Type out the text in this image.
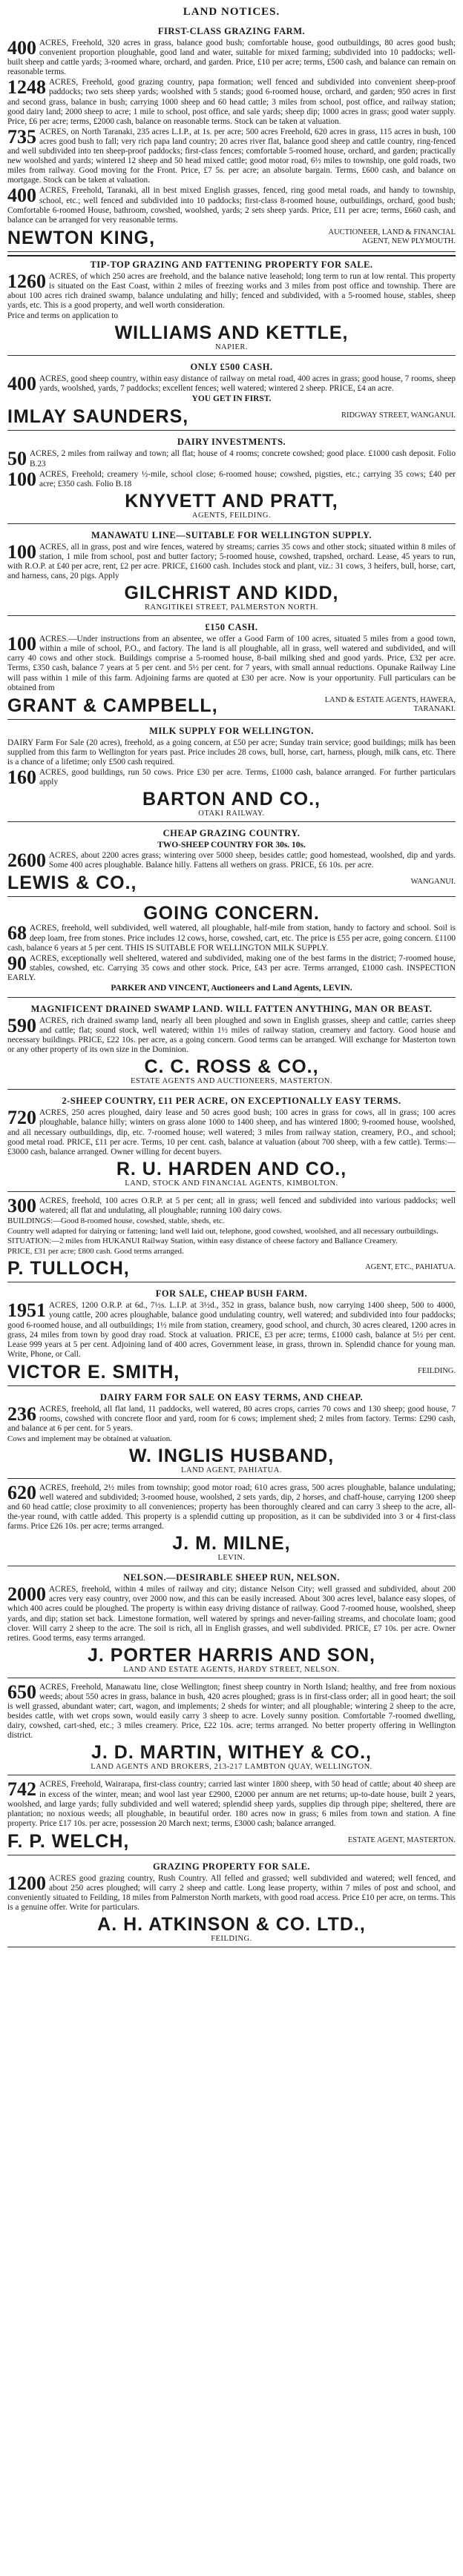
LAND NOTICES.
FIRST-CLASS GRAZING FARM.
400 ACRES, Freehold, 320 acres in grass, balance good bush; comfortable house, good outbuildings, 80 acres good bush; convenient proportion ploughable, good land and water, suitable for mixed farming; subdivided into 10 paddocks; well-built sheep and cattle yards; 3-roomed whare, orchard, and garden. Price, £10 per acre; terms, £500 cash, and balance can remain on reasonable terms.
1248 ACRES, Freehold, good grazing country, papa formation; well fenced and subdivided into convenient sheep-proof paddocks; two sets sheep yards; woolshed with 5 stands; good 6-roomed house, orchard, and garden; 950 acres in first and second grass, balance in bush; carrying 1000 sheep and 60 head cattle; 3 miles from school, post office, and railway station; good dairy land; 2000 sheep to acre; 1 mile to school, post office, and sale yards; sheep dip; 1000 acres in grass; good water supply. Price, £6 per acre; terms, £2000 cash, balance on reasonable terms. Stock can be taken at valuation.
735 ACRES, on North Taranaki, 235 acres L.I.P., at 1s. per acre; 500 acres Freehold, 620 acres in grass, 115 acres in bush, 100 acres good bush to fall; very rich papa land country; 20 acres river flat, balance good sheep and cattle country, ring-fenced and well subdivided into ten sheep-proof paddocks; first-class fences; comfortable 5-roomed house, orchard, and garden; practically new woolshed and yards; wintered 12 sheep and 50 head mixed cattle; good motor road, 6½ miles to township, one gold roads, two miles from railway. Good moving for the Front. Price, £7 5s. per acre; an absolute bargain. Terms, £600 cash, and balance on mortgage. Stock can be taken at valuation.
400 ACRES, Freehold, Taranaki, all in best mixed English grasses, fenced, ring good metal roads, and handy to township, school, etc.; well fenced and subdivided into 10 paddocks; first-class 8-roomed house, outbuildings, orchard, good bush; Comfortable 6-roomed House, bathroom, cowshed, woolshed, yards; 2 sets sheep yards. Price, £11 per acre; terms, £660 cash, and balance can be arranged for very reasonable terms.
NEWTON KING,	AUCTIONEER, LAND & FINANCIAL AGENT, NEW PLYMOUTH.
TIP-TOP GRAZING AND FATTENING PROPERTY FOR SALE.
1260 ACRES, of which 250 acres are freehold, and the balance native leasehold; long term to run at low rental. This property is situated on the East Coast, within 2 miles of freezing works and 3 miles from post office and township. There are about 100 acres rich drained swamp, balance undulating and hilly; fenced and subdivided, with a 5-roomed house, stables, sheep yards, etc. This is a good property, and well worth consideration.
Price and terms on application to
WILLIAMS AND KETTLE,
NAPIER.
ONLY £500 CASH.
400 ACRES, good sheep country, within easy distance of railway on metal road, 400 acres in grass; good house, 7 rooms, sheep yards, woolshed, yards, 7 paddocks; excellent fences; well watered; wintered 2 sheep. PRICE, £4 an acre.
YOU GET IN FIRST.
IMLAY SAUNDERS,	RIDGWAY STREET, WANGANUI.
DAIRY INVESTMENTS.
50 ACRES, 2 miles from railway and town; all flat; house of 4 rooms; concrete cowshed; good place. £1000 cash deposit. Folio B.23
100 ACRES, Freehold; creamery ½-mile, school close; 6-roomed house; cowshed, pigsties, etc.; carrying 35 cows; £40 per acre; £350 cash. Folio B.18
KNYVETT AND PRATT,
AGENTS, FEILDING.
MANAWATU LINE—SUITABLE FOR WELLINGTON SUPPLY.
100 ACRES, all in grass, post and wire fences, watered by streams; carries 35 cows and other stock; situated within 8 miles of station, 1 mile from school, post and butter factory; 5-roomed house, cowshed, trapshed, orchard. Lease, 45 years to run, with R.O.P. at £40 per acre, rent, £2 per acre. PRICE, £1600 cash. Includes stock and plant, viz.: 31 cows, 3 heifers, bull, horse, cart, and harness, cans, 20 pigs. Apply
GILCHRIST AND KIDD,
RANGITIKEI STREET, PALMERSTON NORTH.
£150 CASH.
100 ACRES.—Under instructions from an absentee, we offer a Good Farm of 100 acres, situated 5 miles from a good town, within a mile of school, P.O., and factory. The land is all ploughable, all in grass, well watered and subdivided, and will carry 40 cows and other stock. Buildings comprise a 5-roomed house, 8-bail milking shed and good yards. Price, £32 per acre. Terms, £350 cash, balance 7 years at 5 per cent. and 5½ per cent. for 7 years, with small annual reductions. Opunake Railway Line will pass within 1 mile of this farm. Adjoining farms are quoted at £30 per acre. Now is your opportunity. Full particulars can be obtained from
GRANT & CAMPBELL,	LAND & ESTATE AGENTS, HAWERA, TARANAKI.
MILK SUPPLY FOR WELLINGTON.
DAIRY Farm For Sale (20 acres), freehold, as a going concern, at £50 per acre; Sunday train service; good buildings; milk has been supplied from this farm to Wellington for years past. Price includes 28 cows, bull, horse, cart, harness, plough, milk cans, etc. There is a chance of a lifetime; only £500 cash required.
160 ACRES, good buildings, run 50 cows. Price £30 per acre. Terms, £1000 cash, balance arranged. For further particulars apply
BARTON AND CO.,
OTAKI RAILWAY.
CHEAP GRAZING COUNTRY.
TWO-SHEEP COUNTRY FOR 30s. 10s.
2600 ACRES, about 2200 acres grass; wintering over 5000 sheep, besides cattle; good homestead, woolshed, dip and yards. Some 400 acres ploughable. Balance hilly. Fattens all wethers on grass. PRICE, £6 10s. per acre.
LEWIS & CO.,	WANGANUI.
GOING CONCERN.
68 ACRES, freehold, well subdivided, well watered, all ploughable, half-mile from station, handy to factory and school. Soil is deep loam, free from stones. Price includes 12 cows, horse, cowshed, cart, etc. The price is £55 per acre, going concern. £1100 cash, balance 6 years at 5 per cent. THIS IS SUITABLE FOR WELLINGTON MILK SUPPLY.
90 ACRES, exceptionally well sheltered, watered and subdivided, making one of the best farms in the district; 7-roomed house, stables, cowshed, etc. Carrying 35 cows and other stock. Price, £43 per acre. Terms arranged, £1000 cash. INSPECTION EARLY.
PARKER AND VINCENT, Auctioneers and Land Agents, LEVIN.
MAGNIFICENT DRAINED SWAMP LAND. WILL FATTEN ANYTHING, MAN OR BEAST.
590 ACRES, rich drained swamp land, nearly all been ploughed and sown in English grasses, sheep and cattle; carries sheep and cattle; flat; sound stock, well watered; within 1½ miles of railway station, creamery and factory. Good house and necessary buildings. PRICE, £22 10s. per acre, as a going concern. Good terms can be arranged. Will exchange for Masterton town or any other property of its own size in the Dominion.
C. C. ROSS & CO.,
ESTATE AGENTS AND AUCTIONEERS, MASTERTON.
2-SHEEP COUNTRY, £11 PER ACRE, ON EXCEPTIONALLY EASY TERMS.
720 ACRES, 250 acres ploughed, dairy lease and 50 acres good bush; 100 acres in grass for cows, all in grass; 100 acres ploughable, balance hilly; winters on grass alone 1000 to 1400 sheep, and has wintered 1800; 9-roomed house, woolshed, and all necessary outbuildings, dip, etc. 7-roomed house; well watered; 3 miles from railway station, creamery, P.O., and school; good metal road. PRICE, £11 per acre. Terms, 10 per cent. cash, balance at valuation (about 700 sheep, with a few cattle). Terms:—£3000 cash, balance arranged. Owner willing for decent buyers.
R. U. HARDEN AND CO.,
LAND, STOCK AND FINANCIAL AGENTS, KIMBOLTON.
300 ACRES, freehold, 100 acres O.R.P. at 5 per cent; all in grass; well fenced and subdivided into various paddocks; well watered; all flat and undulating, all ploughable; running 100 dairy cows.
BUILDINGS:—Good 8-roomed house, cowshed, stable, sheds, etc.
Country well adapted for dairying or fattening; land well laid out, telephone, good cowshed, woolshed, and all necessary outbuildings.
SITUATION:—2 miles from HUKANUI Railway Station, within easy distance of cheese factory and Ballance Creamery.
PRICE, £31 per acre; £800 cash. Good terms arranged.
P. TULLOCH,	AGENT, ETC., PAHIATUA.
FOR SALE, CHEAP BUSH FARM.
1951 ACRES, 1200 O.R.P. at 6d., 7½s. L.I.P. at 3½d., 352 in grass, balance bush, now carrying 1400 sheep, 500 to 4000, young cattle, 200 acres ploughable, balance good undulating country, well watered; and subdivided into four paddocks; good 6-roomed house, and all outbuildings; 1½ mile from station, creamery, good school, and church, 30 acres cleared, 1200 acres in grass, 24 miles from town by good dray road. Stock at valuation. PRICE, £3 per acre; terms, £1000 cash, balance at 5½ per cent. Lease 999 years at 5 per cent. Adjoining land of 400 acres, Government lease, in grass, thrown in. Splendid chance for young man. Write, Phone, or Call.
VICTOR E. SMITH,	FEILDING.
DAIRY FARM FOR SALE ON EASY TERMS, AND CHEAP.
236 ACRES, freehold, all flat land, 11 paddocks, well watered, 80 acres crops, carries 70 cows and 130 sheep; good house, 7 rooms, cowshed with concrete floor and yard, room for 6 cows; implement shed; 2 miles from factory. Terms: £290 cash, and balance at 6 per cent. for 5 years.
Cows and implement may be obtained at valuation.
W. INGLIS HUSBAND,
LAND AGENT, PAHIATUA.
620 ACRES, freehold, 2½ miles from township; good motor road; 610 acres grass, 500 acres ploughable, balance undulating; well watered and subdivided; 3-roomed house, woolshed, 2 sets yards, dip, 2 horses, and chaff-house, carrying 1200 sheep and 60 head cattle; close proximity to all conveniences; property has been thoroughly cleared and can carry 3 sheep to the acre, all-the-year round, with cattle added. This property is a splendid cutting up proposition, as it can be subdivided into 3 or 4 first-class farms. Price £26 10s. per acre; terms arranged.
J. M. MILNE,
LEVIN.
NELSON.—DESIRABLE SHEEP RUN, NELSON.
2000 ACRES, freehold, within 4 miles of railway and city; distance Nelson City; well grassed and subdivided, about 200 acres very easy country, over 2000 now, and this can be easily increased. About 300 acres level, balance easy slopes, of which 400 acres could be ploughed. The property is within easy driving distance of railway. Good 7-roomed house, woolshed, sheep yards, and dip; station set back. Limestone formation, well watered by springs and never-failing streams, and chocolate loam; good clover. Will carry 2 sheep to the acre. The soil is rich, all in English grasses, and well subdivided. PRICE, £7 10s. per acre. Owner retires. Good terms, easy terms arranged.
J. PORTER HARRIS AND SON,
LAND AND ESTATE AGENTS, HARDY STREET, NELSON.
650 ACRES, Freehold, Manawatu line, close Wellington; finest sheep country in North Island; healthy, and free from noxious weeds; about 550 acres in grass, balance in bush, 420 acres ploughed; grass is in first-class order; all in good heart; the soil is well grassed, abundant water; cart, wagon, and implements; 2 sheds for winter; and all ploughable; wintering 2 sheep to the acre, besides cattle, with wet crops sown, would easily carry 3 sheep to acre. Lovely sunny position. Comfortable 7-roomed dwelling, dairy, cowshed, cart-shed, etc.; 3 miles creamery. Price, £22 10s. acre; terms arranged. No better property offering in Wellington district.
J. D. MARTIN, WITHEY & CO.,
LAND AGENTS AND BROKERS, 213-217 LAMBTON QUAY, WELLINGTON.
742 ACRES, Freehold, Wairarapa, first-class country; carried last winter 1800 sheep, with 50 head of cattle; about 40 sheep are in excess of the winter, mean; and wool last year £2900, £2000 per annum are net returns; up-to-date house, built 2 years, woolshed, and large yards; fully subdivided and well watered; splendid sheep yards, supplies dip through pipe; sheltered, there are plantation; no noxious weeds; all ploughable, in beautiful order. 180 acres now in grass; 6 miles from town and station. A fine property. Price £17 10s. per acre, possession 20 March next; terms, £3000 cash; balance arranged.
F. P. WELCH,	ESTATE AGENT, MASTERTON.
GRAZING PROPERTY FOR SALE.
1200 ACRES good grazing country, Rush Country. All felled and grassed; well subdivided and watered; well fenced, and about 250 acres ploughed; will carry 2 sheep and cattle. Long lease property, within 7 miles of post and school, and conveniently situated to Feilding, 18 miles from Palmerston North markets, with good road access. Price £10 per acre, on terms. This is a genuine offer. Write for particulars.
A. H. ATKINSON & CO. LTD.,
FEILDING.
